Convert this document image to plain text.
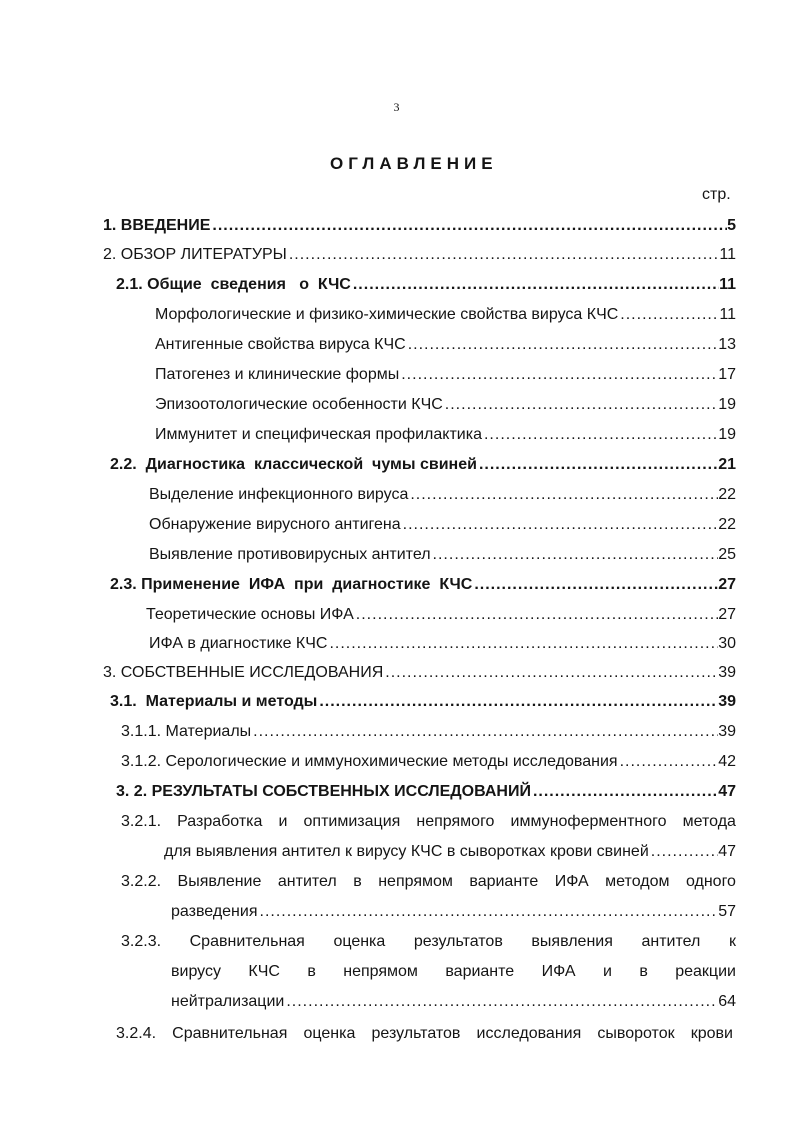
3
ОГЛАВЛЕНИЕ
стр.
1. ВВЕДЕНИЕ .....	5
2. ОБЗОР ЛИТЕРАТУРЫ .....	11
2.1. Общие  сведения   о  КЧС .....	11
Морфологические и физико-химические свойства вируса КЧС .....	11
Антигенные свойства вируса КЧС .....	13
Патогенез и клинические формы .....	17
Эпизоотологические особенности КЧС .....	19
Иммунитет и специфическая профилактика .....	19
2.2.  Диагностика  классической  чумы свиней .....	21
Выделение инфекционного вируса .....	22
Обнаружение вирусного антигена .....	22
Выявление противовирусных антител .....	25
2.3. Применение  ИФА  при  диагностике  КЧС .....	27
Теоретические основы ИФА .....	27
ИФА в диагностике КЧС .....	30
3. СОБСТВЕННЫЕ ИССЛЕДОВАНИЯ .....	39
3.1.  Материалы и методы .....	39
3.1.1. Материалы .....	39
3.1.2. Серологические и иммунохимические методы исследования .....	42
3. 2. РЕЗУЛЬТАТЫ СОБСТВЕННЫХ ИССЛЕДОВАНИЙ .....	47
3.2.1. Разработка и оптимизация непрямого иммуноферментного метода
для выявления антител к вирусу КЧС в сыворотках крови свиней .....	47
3.2.2. Выявление антител в непрямом варианте ИФА методом одного
разведения .....	57
3.2.3. Сравнительная оценка результатов выявления антител к
вирусу КЧС в непрямом варианте ИФА и в реакции
нейтрализации .....	64
3.2.4. Сравнительная оценка результатов исследования сывороток крови
